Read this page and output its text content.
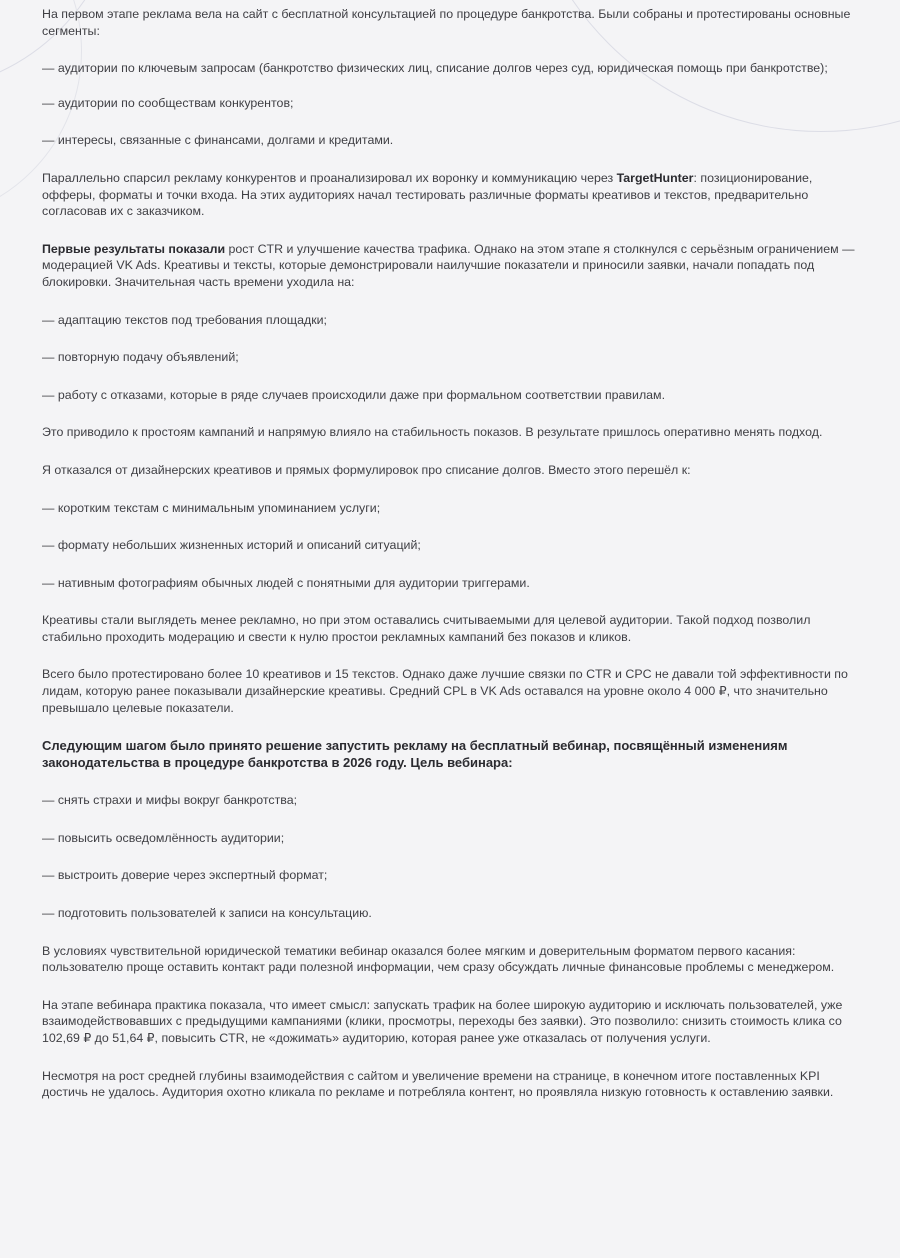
На первом этапе реклама вела на сайт с бесплатной консультацией по процедуре банкротства. Были собраны и протестированы основные сегменты:

— аудитории по ключевым запросам (банкротство физических лиц, списание долгов через суд, юридическая помощь при банкротстве);

— аудитории по сообществам конкурентов;

— интересы, связанные с финансами, долгами и кредитами.

Параллельно спарсил рекламу конкурентов и проанализировал их воронку и коммуникацию через TargetHunter: позиционирование, офферы, форматы и точки входа. На этих аудиториях начал тестировать различные форматы креативов и текстов, предварительно согласовав их с заказчиком.

Первые результаты показали рост CTR и улучшение качества трафика. Однако на этом этапе я столкнулся с серьёзным ограничением — модерацией VK Ads. Креативы и тексты, которые демонстрировали наилучшие показатели и приносили заявки, начали попадать под блокировки. Значительная часть времени уходила на:

— адаптацию текстов под требования площадки;

— повторную подачу объявлений;

— работу с отказами, которые в ряде случаев происходили даже при формальном соответствии правилам.

Это приводило к простоям кампаний и напрямую влияло на стабильность показов. В результате пришлось оперативно менять подход.

Я отказался от дизайнерских креативов и прямых формулировок про списание долгов. Вместо этого перешёл к:

— коротким текстам с минимальным упоминанием услуги;

— формату небольших жизненных историй и описаний ситуаций;

— нативным фотографиям обычных людей с понятными для аудитории триггерами.

Креативы стали выглядеть менее рекламно, но при этом оставались считываемыми для целевой аудитории. Такой подход позволил стабильно проходить модерацию и свести к нулю простои рекламных кампаний без показов и кликов.

Всего было протестировано более 10 креативов и 15 текстов. Однако даже лучшие связки по CTR и CPC не давали той эффективности по лидам, которую ранее показывали дизайнерские креативы. Средний CPL в VK Ads оставался на уровне около 4 000 ₽, что значительно превышало целевые показатели.

Следующим шагом было принято решение запустить рекламу на бесплатный вебинар, посвящённый изменениям законодательства в процедуре банкротства в 2026 году. Цель вебинара:

— снять страхи и мифы вокруг банкротства;

— повысить осведомлённость аудитории;

— выстроить доверие через экспертный формат;

— подготовить пользователей к записи на консультацию.

В условиях чувствительной юридической тематики вебинар оказался более мягким и доверительным форматом первого касания: пользователю проще оставить контакт ради полезной информации, чем сразу обсуждать личные финансовые проблемы с менеджером.

На этапе вебинара практика показала, что имеет смысл: запускать трафик на более широкую аудиторию и исключать пользователей, уже взаимодействовавших с предыдущими кампаниями (клики, просмотры, переходы без заявки). Это позволило: снизить стоимость клика со 102,69 ₽ до 51,64 ₽, повысить CTR, не «дожимать» аудиторию, которая ранее уже отказалась от получения услуги.

Несмотря на рост средней глубины взаимодействия с сайтом и увеличение времени на странице, в конечном итоге поставленных KPI достичь не удалось. Аудитория охотно кликала по рекламе и потребляла контент, но проявляла низкую готовность к оставлению заявки.
